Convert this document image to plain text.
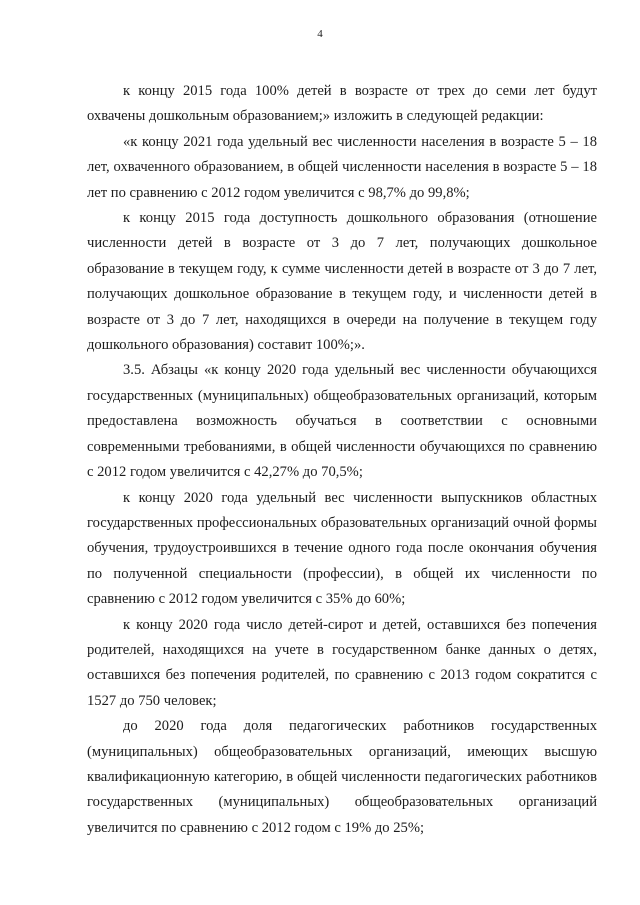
4

к концу 2015 года 100% детей в возрасте от трех до семи лет будут охвачены дошкольным образованием;» изложить в следующей редакции:

«к концу 2021 года удельный вес численности населения в возрасте 5 – 18 лет, охваченного образованием, в общей численности населения в возрасте 5 – 18 лет по сравнению с 2012 годом увеличится с 98,7% до 99,8%;

к концу 2015 года доступность дошкольного образования (отношение численности детей в возрасте от 3 до 7 лет, получающих дошкольное образование в текущем году, к сумме численности детей в возрасте от 3 до 7 лет, получающих дошкольное образование в текущем году, и численности детей в возрасте от 3 до 7 лет, находящихся в очереди на получение в текущем году дошкольного образования) составит 100%;».

3.5. Абзацы «к концу 2020 года удельный вес численности обучающихся государственных (муниципальных) общеобразовательных организаций, которым предоставлена возможность обучаться в соответствии с основными современными требованиями, в общей численности обучающихся по сравнению с 2012 годом увеличится с 42,27% до 70,5%;

к концу 2020 года удельный вес численности выпускников областных государственных профессиональных образовательных организаций очной формы обучения, трудоустроившихся в течение одного года после окончания обучения по полученной специальности (профессии), в общей их численности по сравнению с 2012 годом увеличится с 35% до 60%;

к концу 2020 года число детей-сирот и детей, оставшихся без попечения родителей, находящихся на учете в государственном банке данных о детях, оставшихся без попечения родителей, по сравнению с 2013 годом сократится с 1527 до 750 человек;

до 2020 года доля педагогических работников государственных (муниципальных) общеобразовательных организаций, имеющих высшую квалификационную категорию, в общей численности педагогических работников государственных (муниципальных) общеобразовательных организаций увеличится по сравнению с 2012 годом с 19% до 25%;
